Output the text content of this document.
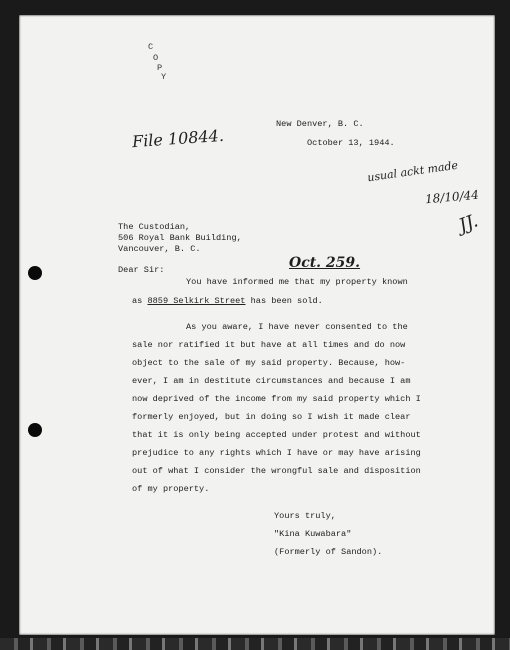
C
O
P
Y
New Denver, B. C.
October 13, 1944.
File 10844.
usual ackt made
18/10/44
JJ.
The Custodian,
506 Royal Bank Building,
Vancouver, B. C.
Dear Sir:	Oct. 259.
You have informed me that my property known
as 8859 Selkirk Street has been sold.
As you aware, I have never consented to the
sale nor ratified it but have at all times and do now
object to the sale of my said property. Because, how-
ever, I am in destitute circumstances and because I am
now deprived of the income from my said property which I
formerly enjoyed, but in doing so I wish it made clear
that it is only being accepted under protest and without
prejudice to any rights which I have or may have arising
out of what I consider the wrongful sale and disposition
of my property.
Yours truly,
"Kina Kuwabara"
(Formerly of Sandon).
